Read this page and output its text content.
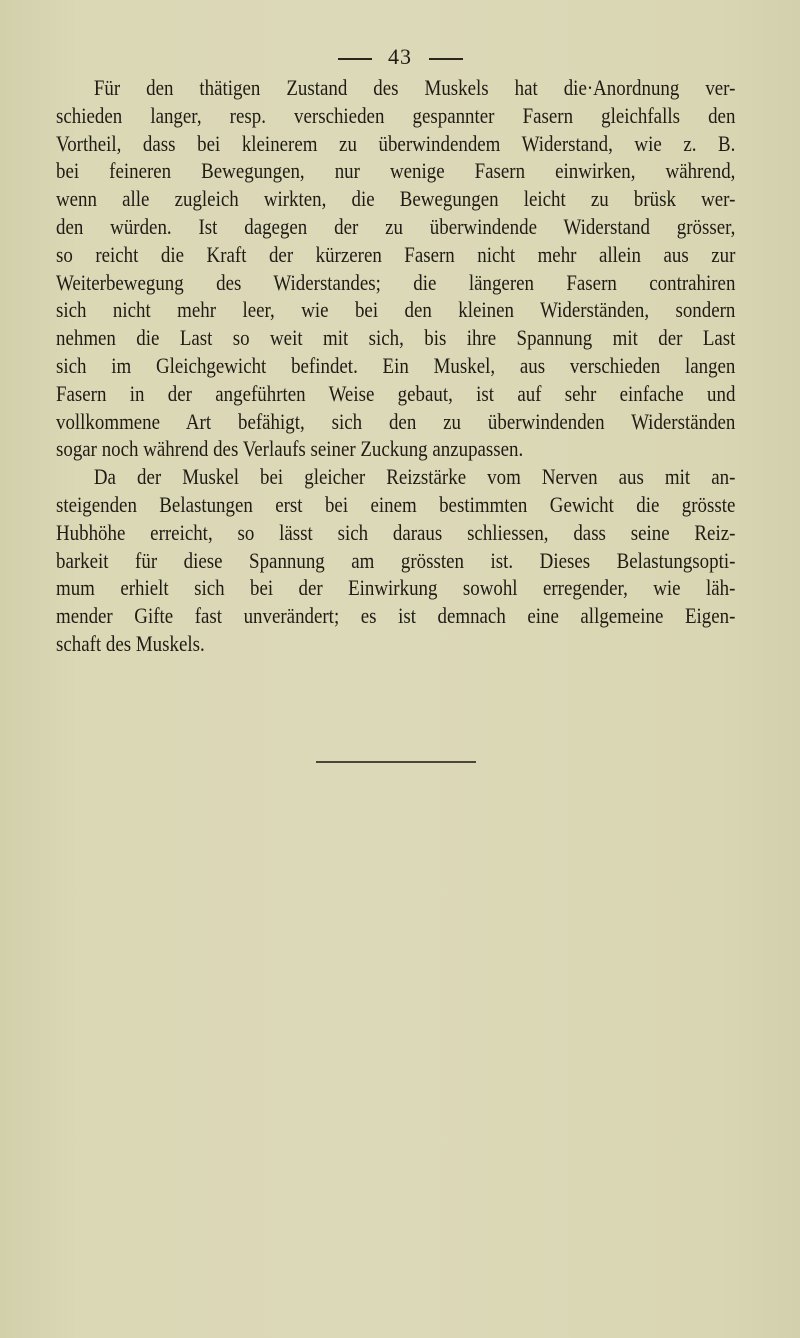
43
Für den thätigen Zustand des Muskels hat die·Anordnung ver-
schieden langer, resp. verschieden gespannter Fasern gleichfalls den
Vortheil, dass bei kleinerem zu überwindendem Widerstand, wie z. B.
bei feineren Bewegungen, nur wenige Fasern einwirken, während,
wenn alle zugleich wirkten, die Bewegungen leicht zu brüsk wer-
den würden. Ist dagegen der zu überwindende Widerstand grösser,
so reicht die Kraft der kürzeren Fasern nicht mehr allein aus zur
Weiterbewegung des Widerstandes; die längeren Fasern contrahiren
sich nicht mehr leer, wie bei den kleinen Widerständen, sondern
nehmen die Last so weit mit sich, bis ihre Spannung mit der Last
sich im Gleichgewicht befindet. Ein Muskel, aus verschieden langen
Fasern in der angeführten Weise gebaut, ist auf sehr einfache und
vollkommene Art befähigt, sich den zu überwindenden Widerständen
sogar noch während des Verlaufs seiner Zuckung anzupassen.
Da der Muskel bei gleicher Reizstärke vom Nerven aus mit an-
steigenden Belastungen erst bei einem bestimmten Gewicht die grösste
Hubhöhe erreicht, so lässt sich daraus schliessen, dass seine Reiz-
barkeit für diese Spannung am grössten ist. Dieses Belastungsopti-
mum erhielt sich bei der Einwirkung sowohl erregender, wie läh-
mender Gifte fast unverändert; es ist demnach eine allgemeine Eigen-
schaft des Muskels.
